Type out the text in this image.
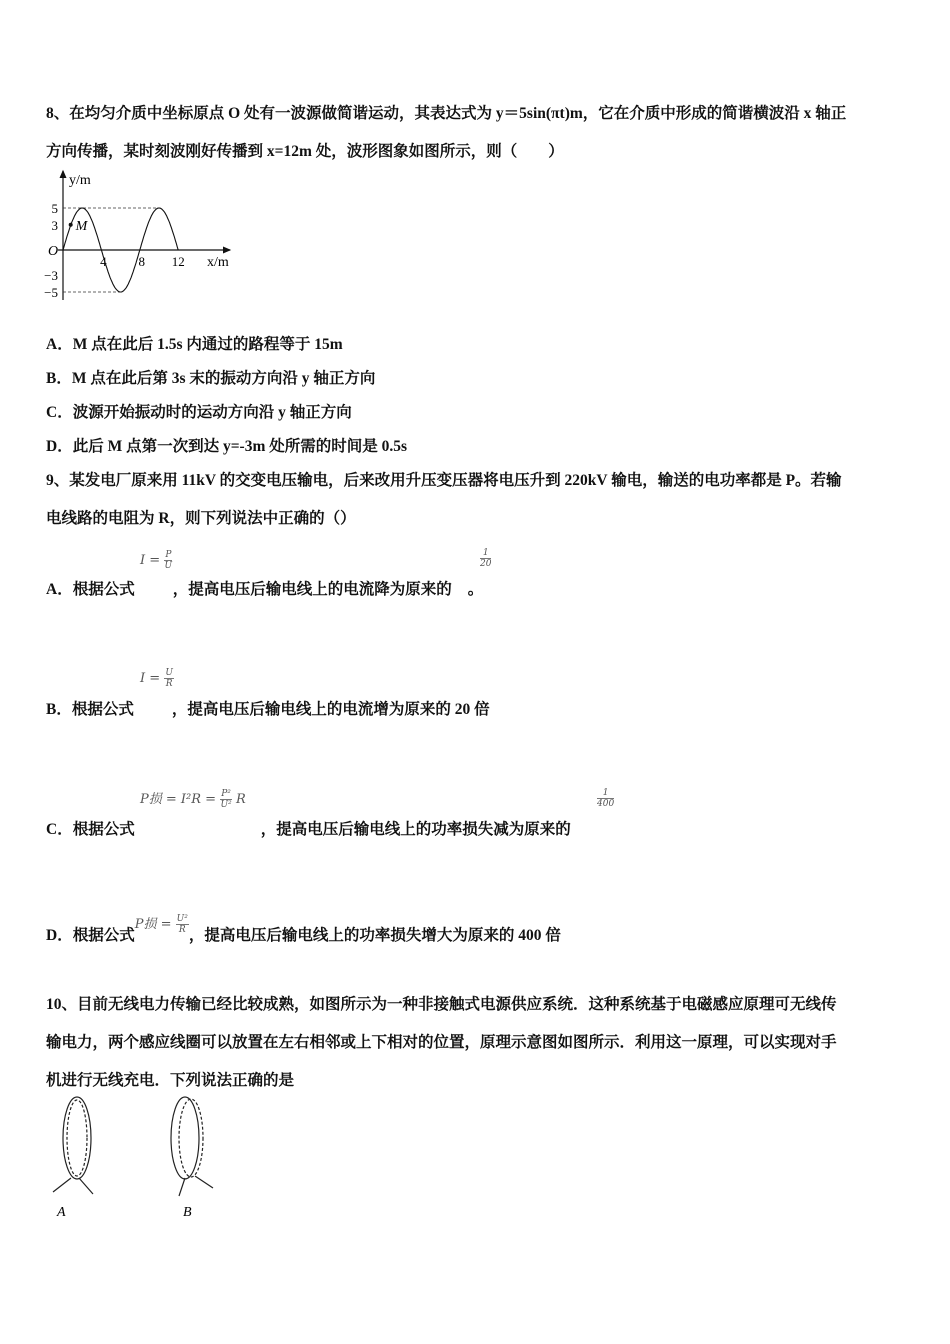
8、在均匀介质中坐标原点 O 处有一波源做简谐运动，其表达式为 y＝5sin(πt)m，它在介质中形成的简谐横波沿 x 轴正
方向传播，某时刻波刚好传播到 x=12m 处，波形图象如图所示，则（　　）
y/m
x/m
O
5
3
−3
−5
4 8 12
M
A．M 点在此后 1.5s 内通过的路程等于 15m
B．M 点在此后第 3s 末的振动方向沿 y 轴正方向
C．波源开始振动时的运动方向沿 y 轴正方向
D．此后 M 点第一次到达 y=-3m 处所需的时间是 0.5s
9、某发电厂原来用 11kV 的交变电压输电，后来改用升压变压器将电压升到 220kV 输电，输送的电功率都是 P。若输
电线路的电阻为 R，则下列说法中正确的（）
$I = \frac{P}{U}$
A．根据公式 ，提高电压后输电线上的电流降为原来的 。
$\frac{1}{20}$
$I = \frac{U}{R}$
B．根据公式 ，提高电压后输电线上的电流增为原来的 20 倍
P损 = $I^2R = \frac{\text{P²}}{\text{U²}}$ R
C．根据公式	，提高电压后输电线上的功率损失减为原来的
$\frac{1}{400}$
D．根据公式$^{P损 = \frac{\text{U²}}{R}}$
，提高电压后输电线上的功率损失增大为原来的 400 倍
10、目前无线电力传输已经比较成熟，如图所示为一种非接触式电源供应系统．这种系统基于电磁感应原理可无线传
输电力，两个感应线圈可以放置在左右相邻或上下相对的位置，原理示意图如图所示．利用这一原理，可以实现对手
机进行无线充电．下列说法正确的是
A	B
